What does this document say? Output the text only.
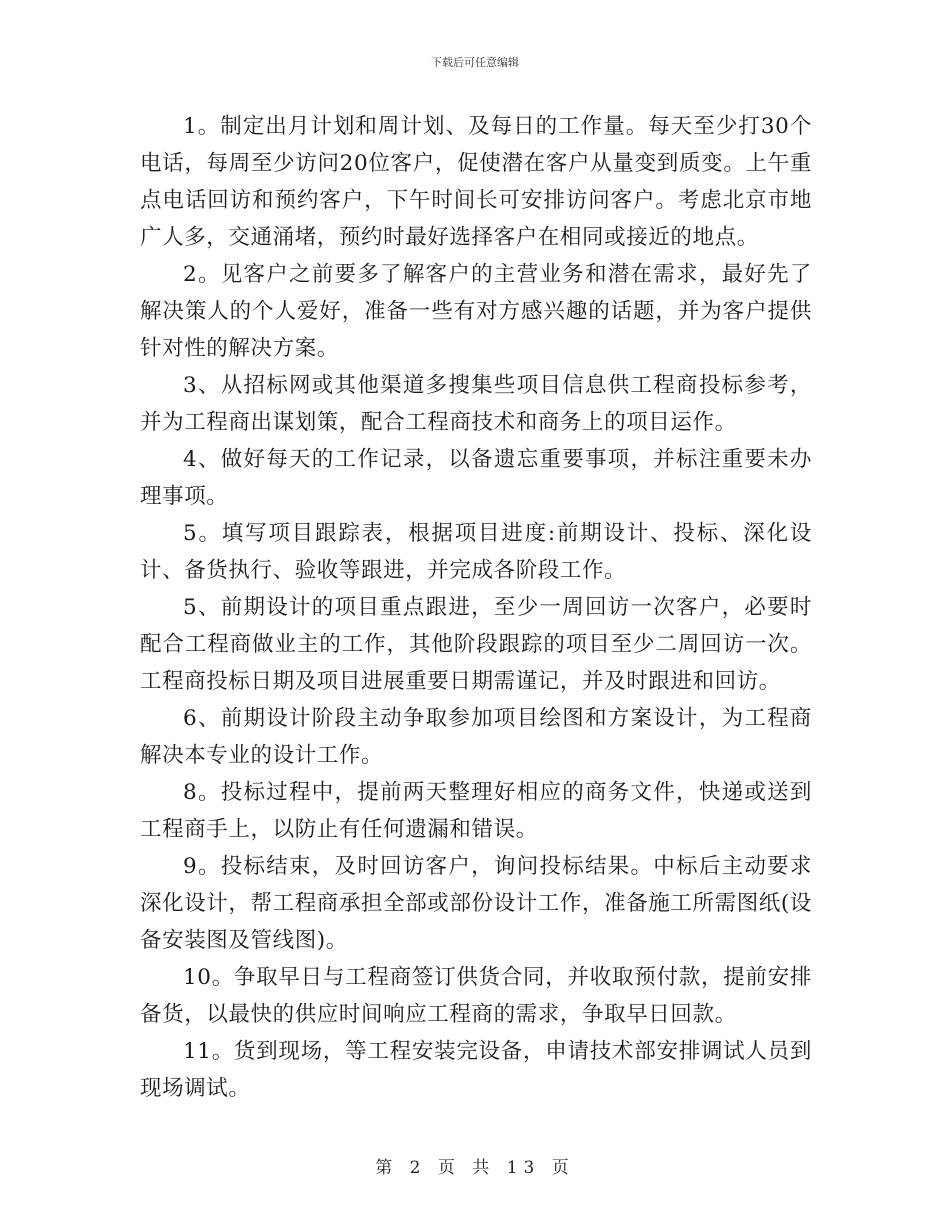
下载后可任意编辑

1。制定出月计划和周计划、及每日的工作量。每天至少打30个电话，每周至少访问20位客户，促使潜在客户从量变到质变。上午重点电话回访和预约客户，下午时间长可安排访问客户。考虑北京市地广人多，交通涌堵，预约时最好选择客户在相同或接近的地点。

2。见客户之前要多了解客户的主营业务和潜在需求，最好先了解决策人的个人爱好，准备一些有对方感兴趣的话题，并为客户提供针对性的解决方案。

3、从招标网或其他渠道多搜集些项目信息供工程商投标参考，并为工程商出谋划策，配合工程商技术和商务上的项目运作。

4、做好每天的工作记录，以备遗忘重要事项，并标注重要未办理事项。

5。填写项目跟踪表，根据项目进度:前期设计、投标、深化设计、备货执行、验收等跟进，并完成各阶段工作。

5、前期设计的项目重点跟进，至少一周回访一次客户，必要时配合工程商做业主的工作，其他阶段跟踪的项目至少二周回访一次。工程商投标日期及项目进展重要日期需谨记，并及时跟进和回访。

6、前期设计阶段主动争取参加项目绘图和方案设计，为工程商解决本专业的设计工作。

8。投标过程中，提前两天整理好相应的商务文件，快递或送到工程商手上，以防止有任何遗漏和错误。

9。投标结束，及时回访客户，询问投标结果。中标后主动要求深化设计，帮工程商承担全部或部份设计工作，准备施工所需图纸(设备安装图及管线图)。

10。争取早日与工程商签订供货合同，并收取预付款，提前安排备货，以最快的供应时间响应工程商的需求，争取早日回款。

11。货到现场，等工程安装完设备，申请技术部安排调试人员到现场调试。

第 2 页 共 13 页
